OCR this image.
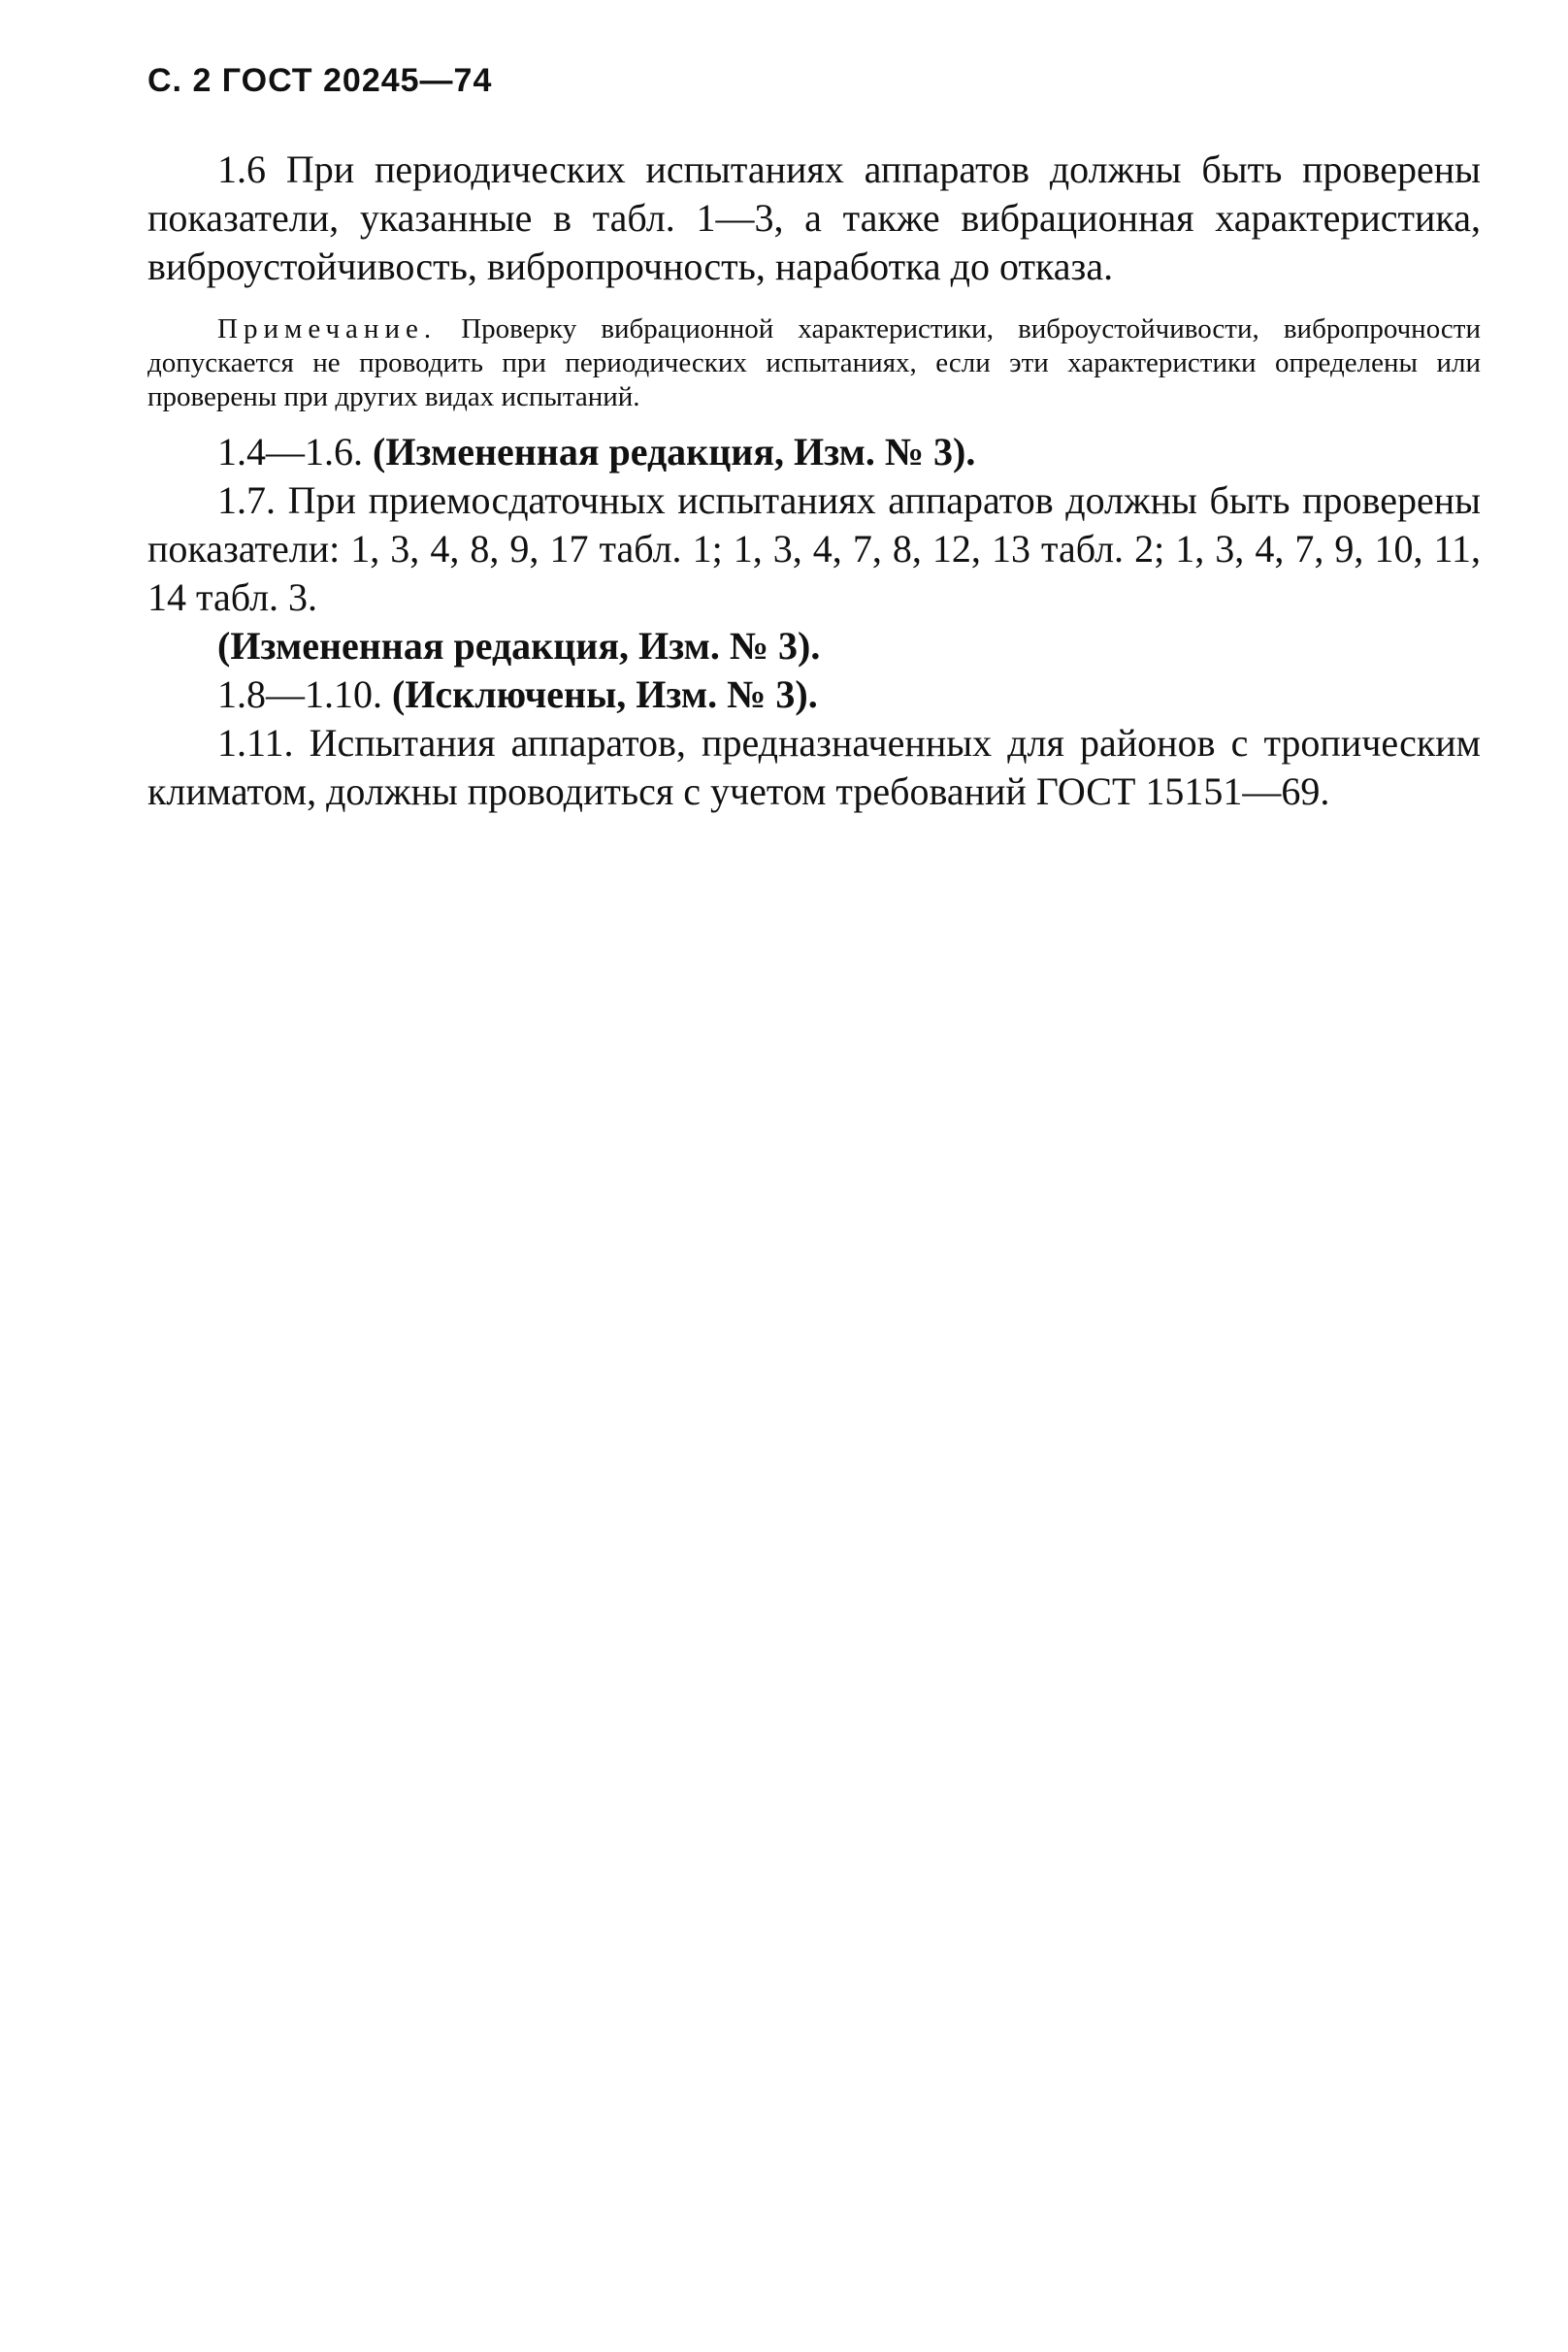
С. 2 ГОСТ 20245—74

1.6 При периодических испытаниях аппаратов должны быть проверены показатели, указанные в табл. 1—3, а также вибрационная характеристика, виброустойчивость, вибропрочность, наработка до отказа.

Примечание. Проверку вибрационной характеристики, виброустойчивости, вибропрочности допускается не проводить при периодических испытаниях, если эти характеристики определены или проверены при других видах испытаний.

1.4—1.6. (Измененная редакция, Изм. № 3).

1.7. При приемосдаточных испытаниях аппаратов должны быть проверены показатели: 1, 3, 4, 8, 9, 17 табл. 1; 1, 3, 4, 7, 8, 12, 13 табл. 2; 1, 3, 4, 7, 9, 10, 11, 14 табл. 3.

(Измененная редакция, Изм. № 3).

1.8—1.10. (Исключены, Изм. № 3).

1.11. Испытания аппаратов, предназначенных для районов с тропическим климатом, должны проводиться с учетом требований ГОСТ 15151—69.
